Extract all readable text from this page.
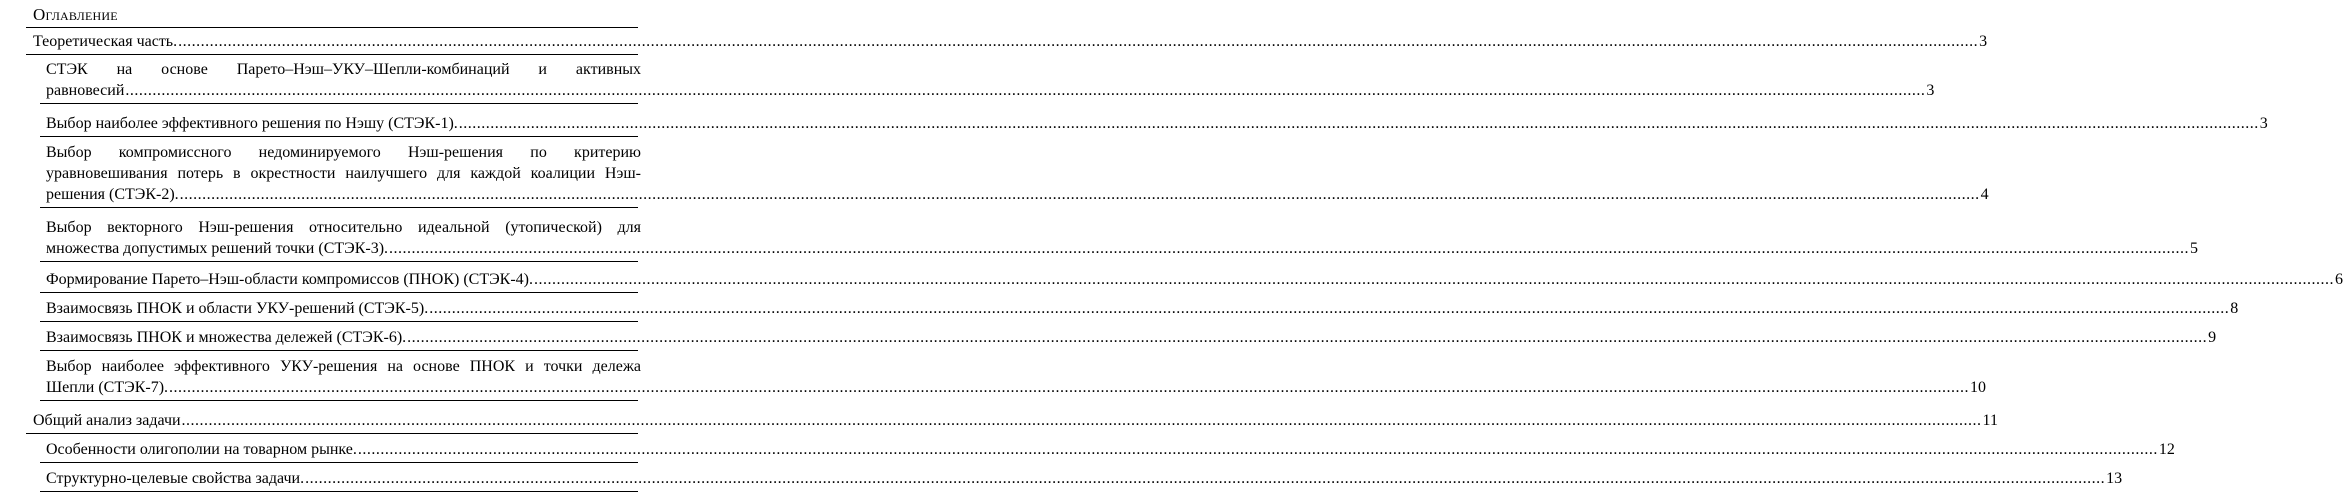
Оглавление
Теоретическая часть. ................................................................................................................................................................................................................................................................................................................................................................................................................ 3
СТЭК на основе Парето–Нэш–УКУ–Шепли-комбинаций и активных
равновесий ................................................................................................................................................................................................................................................................................................................................................................................................................ 3
Выбор наиболее эффективного решения по Нэшу (СТЭК-1). ................................................................................................................................................................................................................................................................................................................................................................................................................ 3
Выбор компромиссного недоминируемого Нэш-решения по критерию
уравновешивания потерь в окрестности наилучшего для каждой коалиции Нэш-
решения (СТЭК-2). ................................................................................................................................................................................................................................................................................................................................................................................................................ 4
Выбор векторного Нэш-решения относительно идеальной (утопической) для
множества допустимых решений точки (СТЭК-3). ................................................................................................................................................................................................................................................................................................................................................................................................................ 5
Формирование Парето–Нэш-области компромиссов (ПНОК) (СТЭК-4). ................................................................................................................................................................................................................................................................................................................................................................................................................ 6
Взаимосвязь ПНОК и области УКУ-решений (СТЭК-5). ................................................................................................................................................................................................................................................................................................................................................................................................................ 8
Взаимосвязь ПНОК и множества дележей (СТЭК-6). ................................................................................................................................................................................................................................................................................................................................................................................................................ 9
Выбор наиболее эффективного УКУ-решения на основе ПНОК и точки дележа
Шепли (СТЭК-7). ................................................................................................................................................................................................................................................................................................................................................................................................................ 10
Общий анализ задачи ................................................................................................................................................................................................................................................................................................................................................................................................................ 11
Особенности олигополии на товарном рынке. ................................................................................................................................................................................................................................................................................................................................................................................................................ 12
Структурно-целевые свойства задачи. ................................................................................................................................................................................................................................................................................................................................................................................................................ 13
